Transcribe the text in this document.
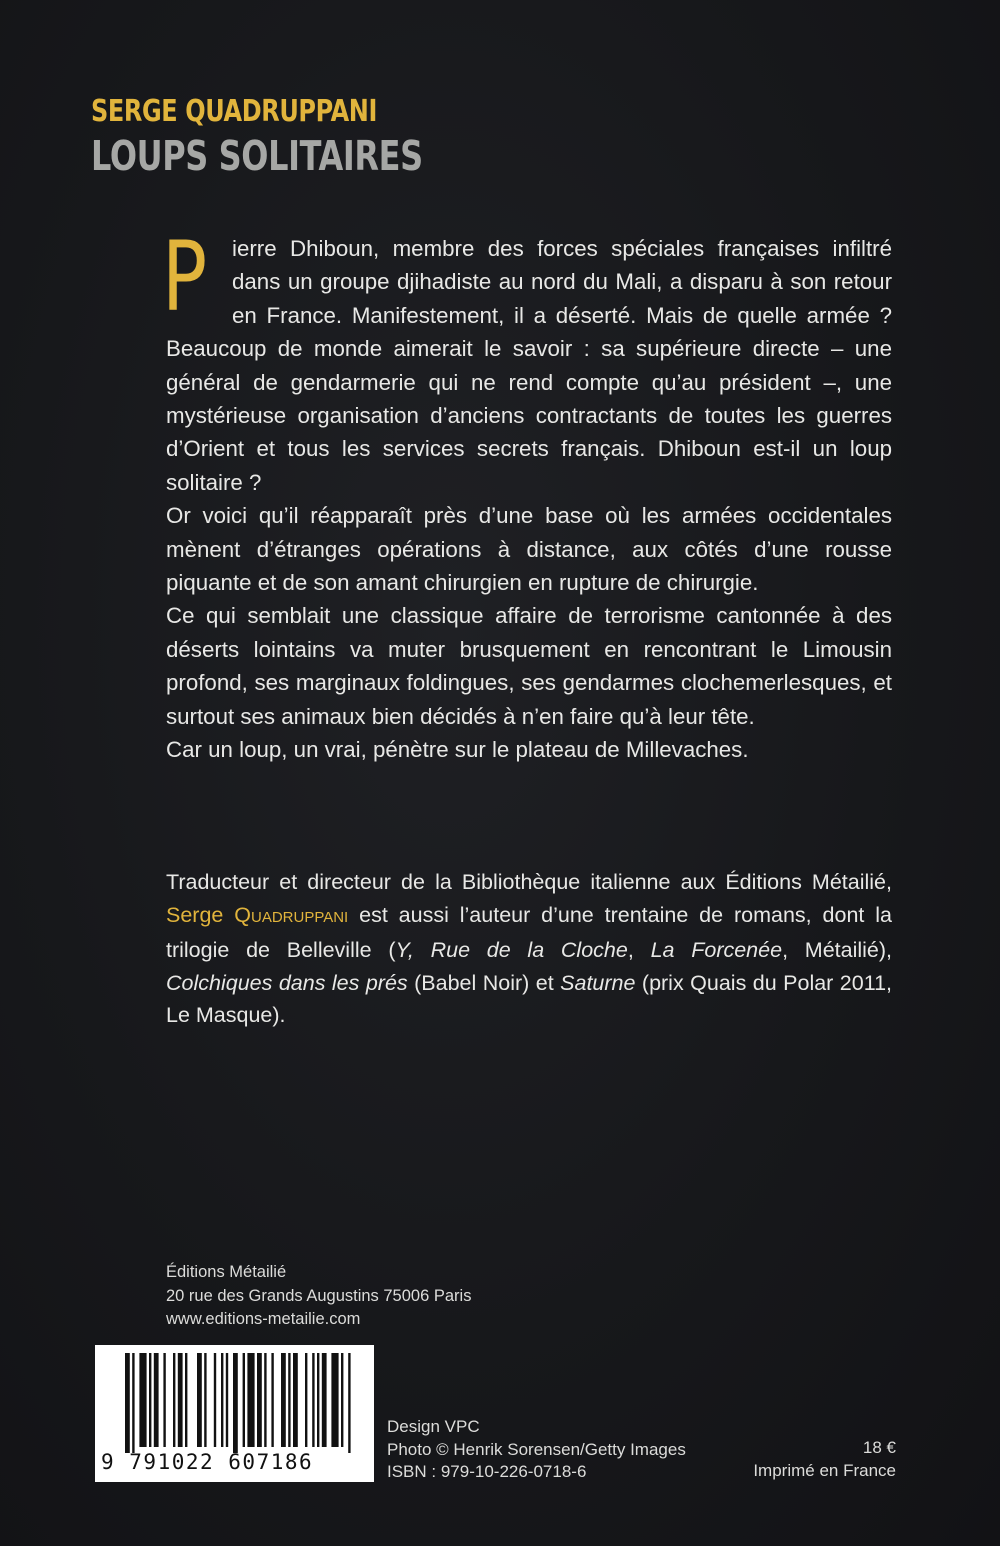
SERGE QUADRUPPANI
LOUPS SOLITAIRES

P ierre Dhiboun, membre des forces spéciales françaises infiltré dans un groupe djihadiste au nord du Mali, a disparu à son retour en France. Manifestement, il a déserté. Mais de quelle armée ? Beaucoup de monde aimerait le savoir : sa supérieure directe – une général de gendarmerie qui ne rend compte qu’au président –, une mystérieuse organisation d’anciens contractants de toutes les guerres d’Orient et tous les services secrets français. Dhiboun est-il un loup solitaire ?

Or voici qu’il réapparaît près d’une base où les armées occidentales mènent d’étranges opérations à distance, aux côtés d’une rousse piquante et de son amant chirurgien en rupture de chirurgie.

Ce qui semblait une classique affaire de terrorisme cantonnée à des déserts lointains va muter brusquement en rencontrant le Limousin profond, ses marginaux foldingues, ses gendarmes clochemerlesques, et surtout ses animaux bien décidés à n’en faire qu’à leur tête.

Car un loup, un vrai, pénètre sur le plateau de Millevaches.

Traducteur et directeur de la Bibliothèque italienne aux Éditions Métailié, Serge QUADRUPPANI est aussi l’auteur d’une trentaine de romans, dont la trilogie de Belleville (Y, Rue de la Cloche, La Forcenée, Métailié), Colchiques dans les prés (Babel Noir) et Saturne (prix Quais du Polar 2011, Le Masque).

Éditions Métailié
20 rue des Grands Augustins 75006 Paris
www.editions-metailie.com
9 791022 607186
Design VPC
Photo © Henrik Sorensen/Getty Images
ISBN : 979-10-226-0718-6
18 €
Imprimé en France
